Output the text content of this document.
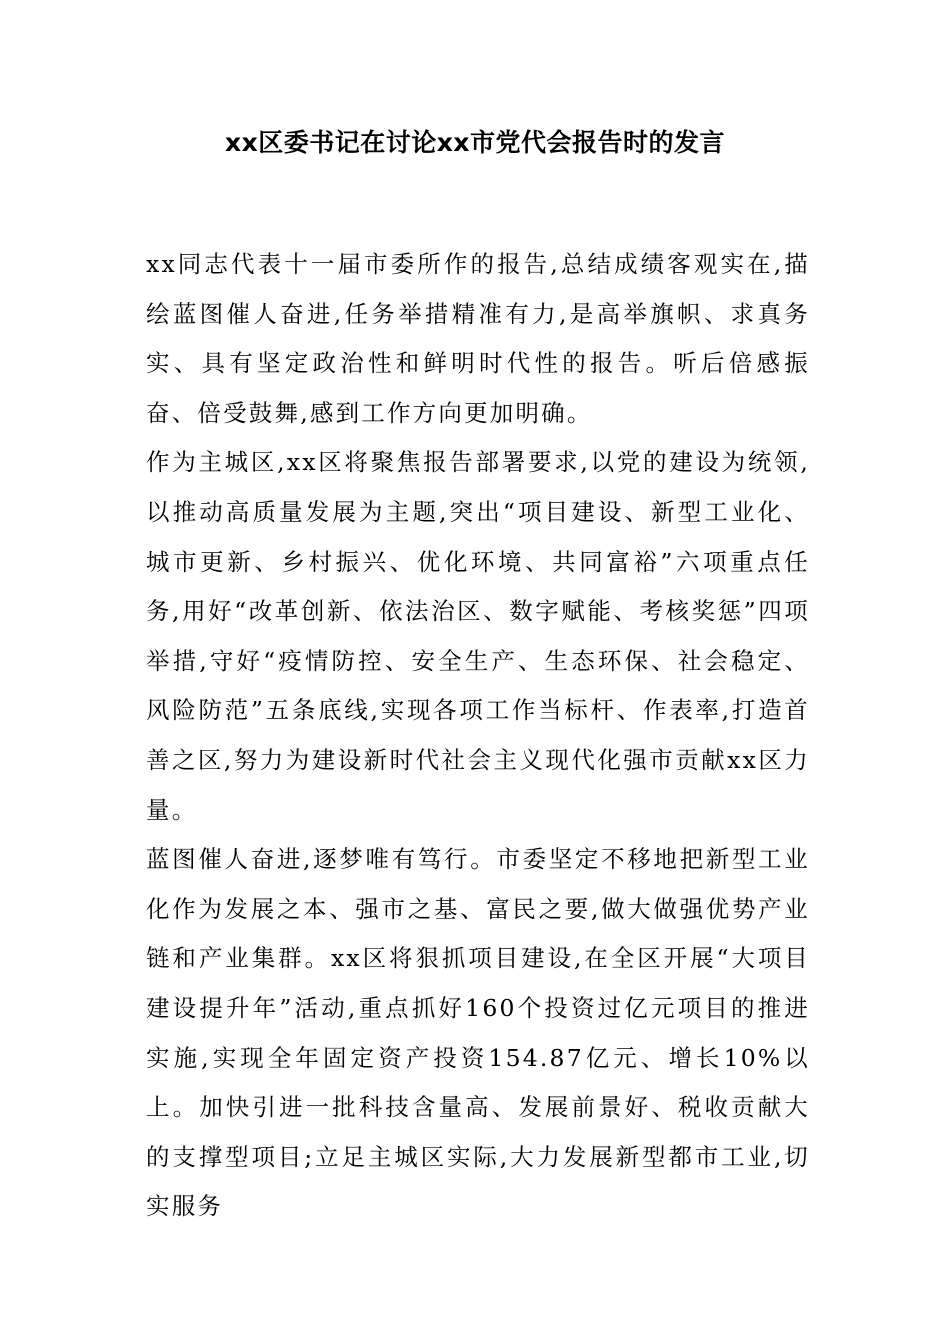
xx区委书记在讨论xx市党代会报告时的发言

xx同志代表十一届市委所作的报告,总结成绩客观实在,描绘蓝图催人奋进,任务举措精准有力,是高举旗帜、求真务实、具有坚定政治性和鲜明时代性的报告。听后倍感振奋、倍受鼓舞,感到工作方向更加明确。

作为主城区,xx区将聚焦报告部署要求,以党的建设为统领,以推动高质量发展为主题,突出“项目建设、新型工业化、城市更新、乡村振兴、优化环境、共同富裕”六项重点任务,用好“改革创新、依法治区、数字赋能、考核奖惩”四项举措,守好“疫情防控、安全生产、生态环保、社会稳定、风险防范”五条底线,实现各项工作当标杆、作表率,打造首善之区,努力为建设新时代社会主义现代化强市贡献xx区力量。

蓝图催人奋进,逐梦唯有笃行。市委坚定不移地把新型工业化作为发展之本、强市之基、富民之要,做大做强优势产业链和产业集群。xx区将狠抓项目建设,在全区开展“大项目建设提升年”活动,重点抓好160个投资过亿元项目的推进实施,实现全年固定资产投资154.87亿元、增长10%以上。加快引进一批科技含量高、发展前景好、税收贡献大的支撑型项目;立足主城区实际,大力发展新型都市工业,切实服务
